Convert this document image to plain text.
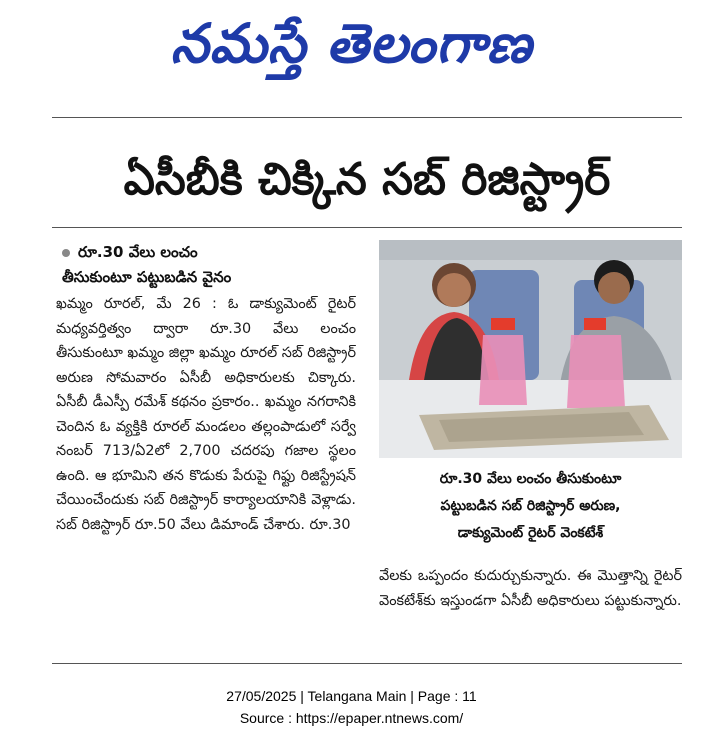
నమస్తే తెలంగాణ
ఏసీబీకి చిక్కిన సబ్ రిజిస్ట్రార్
రూ.30 వేలు లంచం
తీసుకుంటూ పట్టుబడిన వైనం
ఖమ్మం రూరల్, మే 26 : ఓ డాక్యుమెంట్ రైటర్ మధ్యవర్తిత్వం ద్వారా రూ.30 వేలు లంచం తీసుకుంటూ ఖమ్మం జిల్లా ఖమ్మం రూరల్ సబ్ రిజిస్ట్రార్ అరుణ సోమవారం ఏసీబీ అధికారులకు చిక్కారు. ఏసీబీ డీఎస్పీ రమేశ్ కథనం ప్రకారం.. ఖమ్మం నగరానికి చెందిన ఓ వ్యక్తికి రూరల్ మండలం తల్లంపాడులో సర్వే నంబర్ 713/ఏ2లో 2,700 చదరపు గజాల స్థలం ఉంది. ఆ భూమిని తన కొడుకు పేరుపై గిఫ్టు రిజిస్ట్రేషన్ చేయించేందుకు సబ్ రిజిస్ట్రార్ కార్యాలయానికి వెళ్లాడు. సబ్ రిజిస్ట్రార్ రూ.50 వేలు డిమాండ్ చేశారు. రూ.30
రూ.30 వేలు లంచం తీసుకుంటూ
పట్టుబడిన సబ్ రిజిస్ట్రార్ అరుణ,
డాక్యుమెంట్ రైటర్ వెంకటేశ్
వేలకు ఒప్పందం కుదుర్చుకున్నారు. ఈ మొత్తాన్ని రైటర్ వెంకటేశ్‌కు ఇస్తుండగా ఏసీబీ అధికారులు పట్టుకున్నారు.
27/05/2025 | Telangana Main | Page : 11
Source : https://epaper.ntnews.com/
